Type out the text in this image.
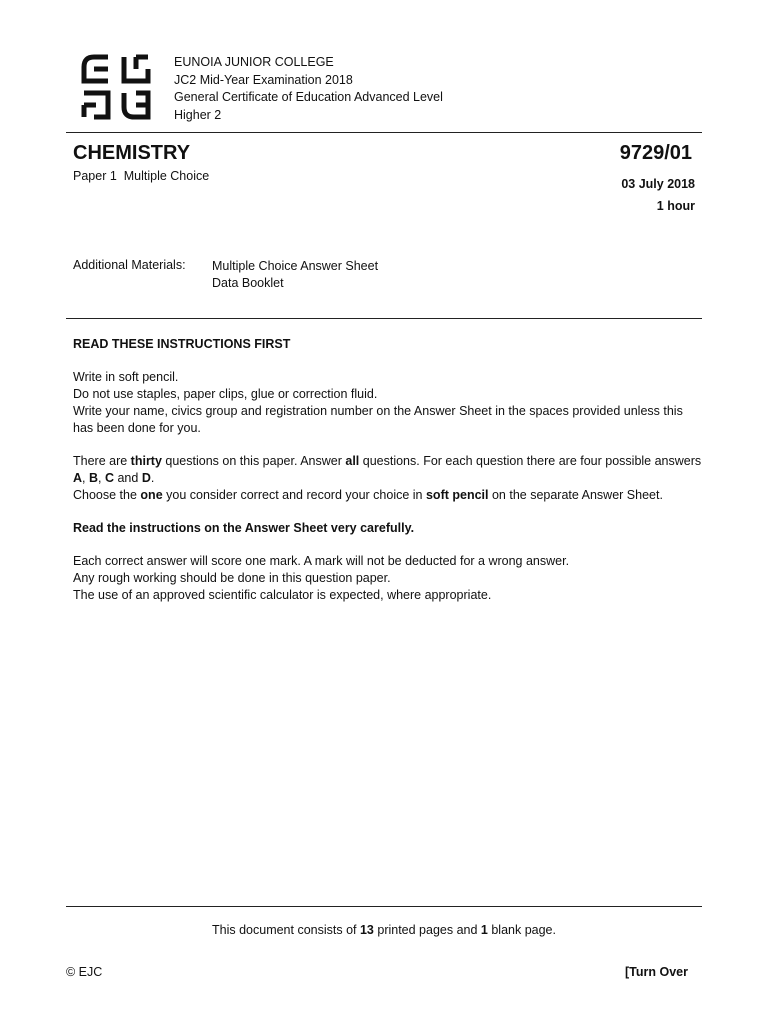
EUNOIA JUNIOR COLLEGE
JC2 Mid-Year Examination 2018
General Certificate of Education Advanced Level
Higher 2
CHEMISTRY	9729/01
Paper 1  Multiple Choice
03 July 2018
1 hour
Additional Materials: Multiple Choice Answer Sheet
Data Booklet

READ THESE INSTRUCTIONS FIRST

Write in soft pencil.

Do not use staples, paper clips, glue or correction fluid.

Write your name, civics group and registration number on the Answer Sheet in the spaces provided unless this has been done for you.

There are thirty questions on this paper. Answer all questions. For each question there are four possible answers A, B, C and D.

Choose the one you consider correct and record your choice in soft pencil on the separate Answer Sheet.

Read the instructions on the Answer Sheet very carefully.

Each correct answer will score one mark. A mark will not be deducted for a wrong answer.

Any rough working should be done in this question paper.

The use of an approved scientific calculator is expected, where appropriate.

This document consists of 13 printed pages and 1 blank page.
© EJC	[Turn Over
